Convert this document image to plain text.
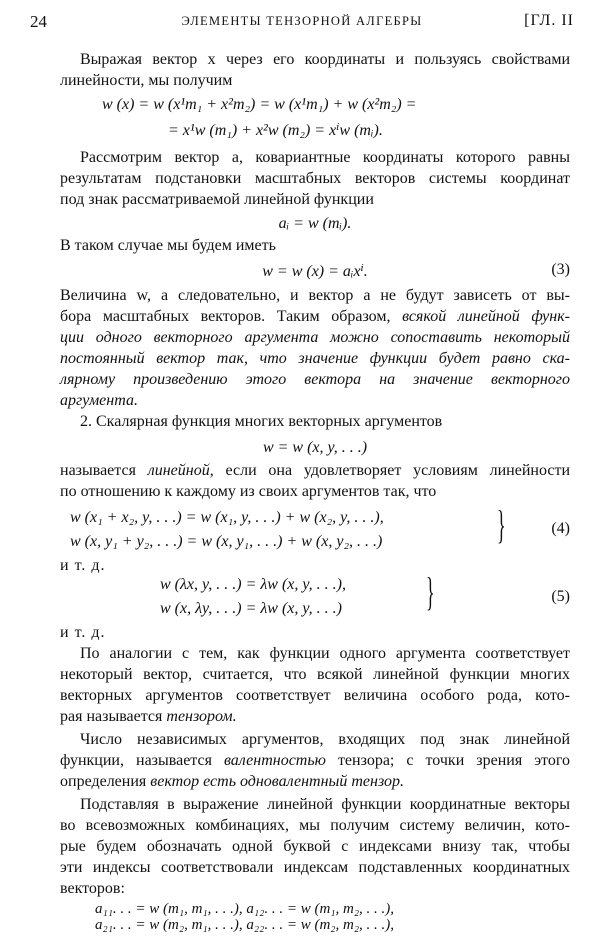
24	ЭЛЕМЕНТЫ ТЕНЗОРНОЙ АЛГЕБРЫ	[ГЛ. II
Выражая вектор x через его координаты и пользуясь свойствами
линейности, мы получим
w (x) = w (x¹m₁ + x²m₂) = w (x¹m₁) + w (x²m₂) =
= x¹w (m₁) + x²w (m₂) = xⁱw (mᵢ).
Рассмотрим вектор a, ковариантные координаты которого равны
результатам подстановки масштабных векторов системы координат
под знак рассматриваемой линейной функции
aᵢ = w (mᵢ).
В таком случае мы будем иметь
w = w (x) = aᵢxⁱ.	(3)
Величина w, а следовательно, и вектор a не будут зависеть от вы-
бора масштабных векторов. Таким образом, всякой линейной функ-
ции одного векторного аргумента можно сопоставить некоторый
постоянный вектор так, что значение функции будет равно ска-
лярному произведению этого вектора на значение векторного
аргумента.
2. Скалярная функция многих векторных аргументов
w = w (x, y, . . .)
называется линейной, если она удовлетворяет условиям линейности
по отношению к каждому из своих аргументов так, что
w (x₁ + x₂, y, . . .) = w (x₁, y, . . .) + w (x₂, y, . . .),
w (x, y₁ + y₂, . . .) = w (x, y₁, . . .) + w (x, y₂, . . .)	}	(4)
и т. д.
w (λx, y, . . .) = λw (x, y, . . .),
w (x, λy, . . .) = λw (x, y, . . .)	}	(5)
и т. д.
По аналогии с тем, как функции одного аргумента соответствует
некоторый вектор, считается, что всякой линейной функции многих
векторных аргументов соответствует величина особого рода, кото-
рая называется тензором.
Число независимых аргументов, входящих под знак линейной
функции, называется валентностью тензора; с точки зрения этого
определения вектор есть одновалентный тензор.
Подставляя в выражение линейной функции координатные векторы
во всевозможных комбинациях, мы получим систему величин, кото-
рые будем обозначать одной буквой с индексами внизу так, чтобы
эти индексы соответствовали индексам подставленных координатных
векторов:
a₁₁. . . = w (m₁, m₁, . . .), a₁₂. . . = w (m₁, m₂, . . .),
a₂₁. . . = w (m₂, m₁, . . .), a₂₂. . . = w (m₂, m₂, . . .),
